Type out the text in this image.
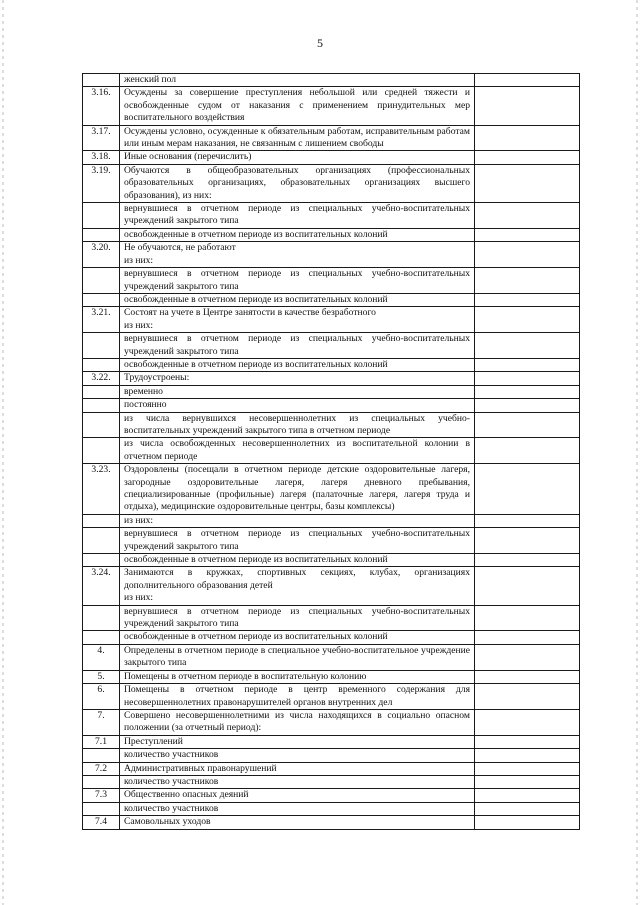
5
	женский пол	
3.16.	Осуждены за совершение преступления небольшой или средней тяжести и освобожденные судом от наказания с применением принудительных мер воспитательного воздействия	
3.17.	Осуждены условно, осужденные к обязательным работам, исправительным работам или иным мерам наказания, не связанным с лишением свободы	
3.18.	Иные основания (перечислить)	
3.19.	Обучаются в общеобразовательных организациях (профессиональных образовательных организациях, образовательных организациях высшего образования), из них:	
	вернувшиеся в отчетном периоде из специальных учебно-воспитательных учреждений закрытого типа	
	освобожденные в отчетном периоде из воспитательных колоний	
3.20.	Не обучаются, не работают
из них:	
	вернувшиеся в отчетном периоде из специальных учебно-воспитательных учреждений закрытого типа	
	освобожденные в отчетном периоде из воспитательных колоний	
3.21.	Состоят на учете в Центре занятости в качестве безработного
из них:	
	вернувшиеся в отчетном периоде из специальных учебно-воспитательных учреждений закрытого типа	
	освобожденные в отчетном периоде из воспитательных колоний	
3.22.	Трудоустроены:	
	временно	
	постоянно	
	из числа вернувшихся несовершеннолетних из специальных учебно-воспитательных учреждений закрытого типа в отчетном периоде	
	из числа освобожденных несовершеннолетних из воспитательной колонии в отчетном периоде	
3.23.	Оздоровлены (посещали в отчетном периоде детские оздоровительные лагеря, загородные оздоровительные лагеря, лагеря дневного пребывания, специализированные (профильные) лагеря (палаточные лагеря, лагеря труда и отдыха), медицинские оздоровительные центры, базы комплексы)	
	из них:	
	вернувшиеся в отчетном периоде из специальных учебно-воспитательных учреждений закрытого типа	
	освобожденные в отчетном периоде из воспитательных колоний	
3.24.	Занимаются в кружках, спортивных секциях, клубах, организациях дополнительного образования детей
из них:	
	вернувшиеся в отчетном периоде из специальных учебно-воспитательных учреждений закрытого типа	
	освобожденные в отчетном периоде из воспитательных колоний	
4.	Определены в отчетном периоде в специальное учебно-воспитательное учреждение закрытого типа	
5.	Помещены в отчетном периоде в воспитательную колонию	
6.	Помещены в отчетном периоде в центр временного содержания для несовершеннолетних правонарушителей органов внутренних дел	
7.	Совершено несовершеннолетними из числа находящихся в социально опасном положении (за отчетный период):	
7.1	Преступлений	
	количество участников	
7.2	Административных правонарушений	
	количество участников	
7.3	Общественно опасных деяний	
	количество участников	
7.4	Самовольных уходов	
